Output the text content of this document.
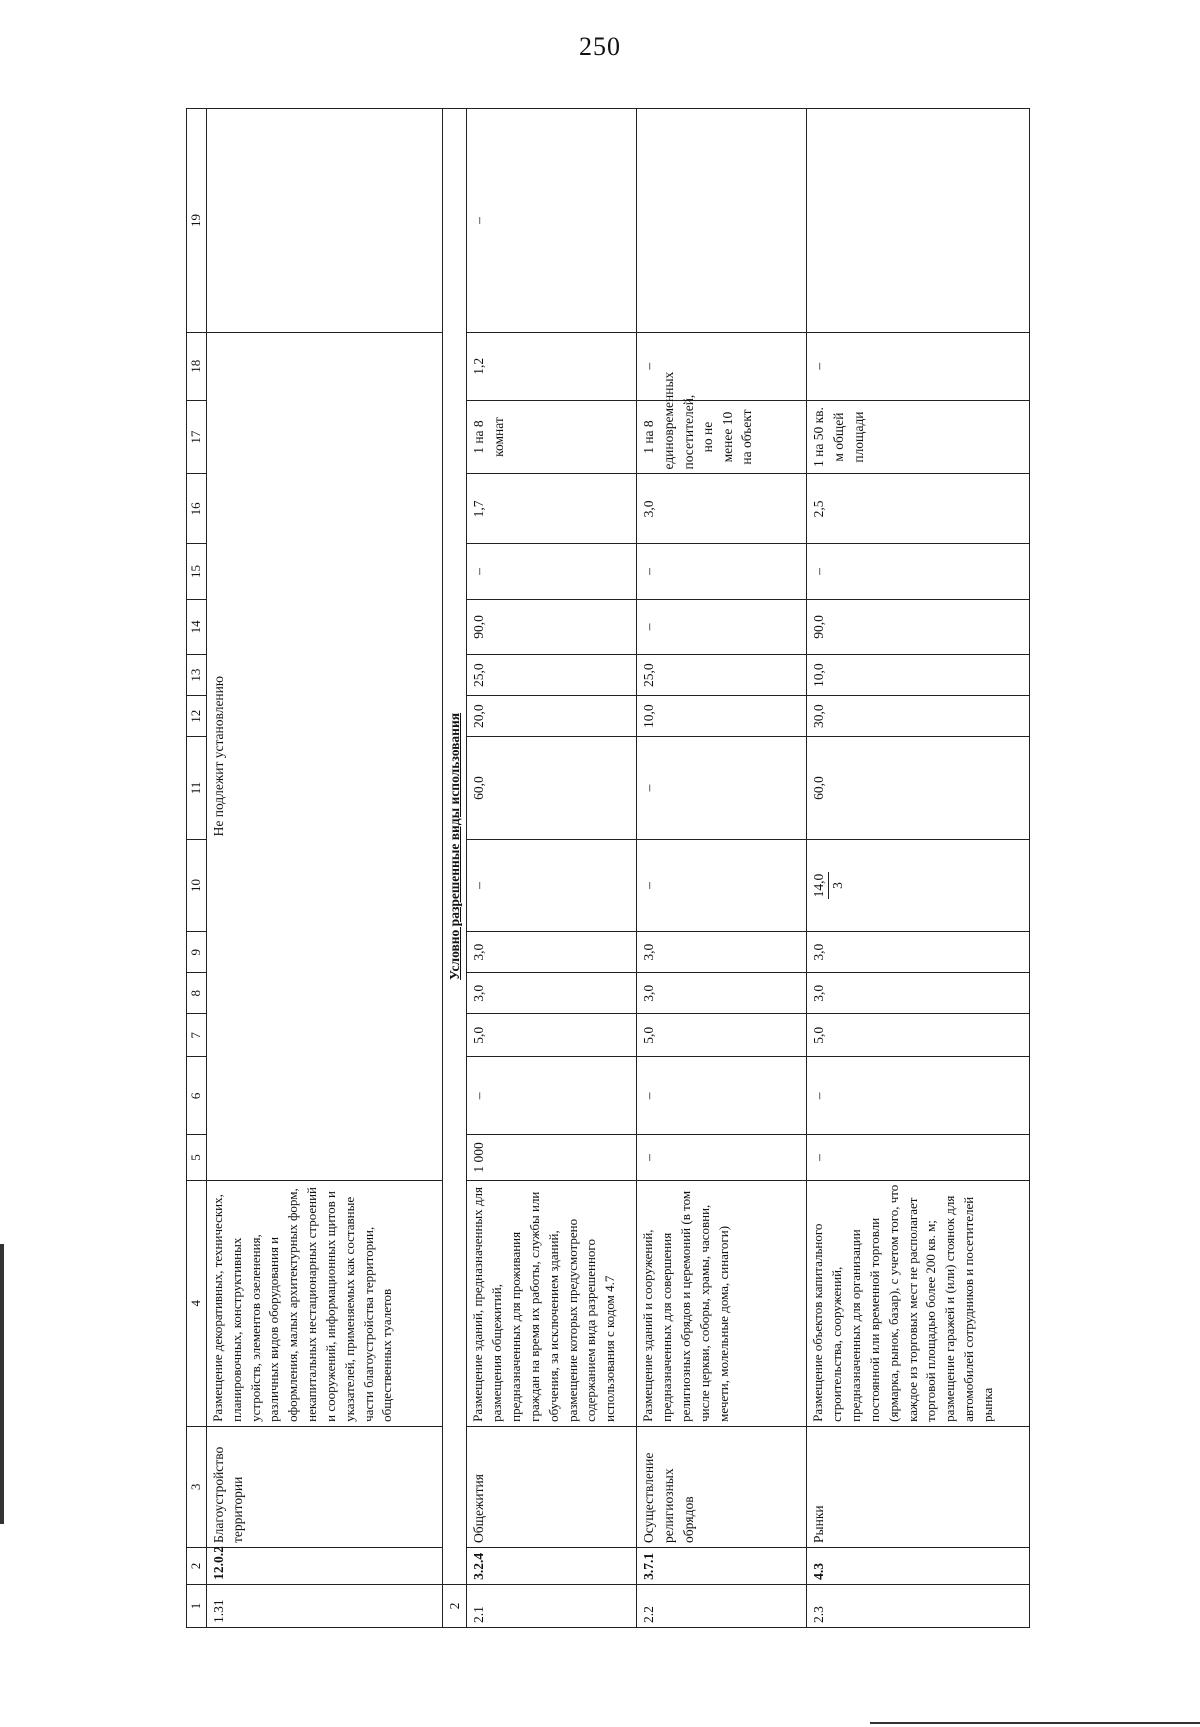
250
1	2	3	4	5	6	7	8	9	10	11	12	13	14	15	16	17	18	19
1.31	12.0.2	Благоустройство территории	Размещение декоративных, технических, планировочных, конструктивных устройств, элементов озеленения, различных видов оборудования и оформления, малых архитектурных форм, некапитальных нестационарных строений и сооружений, информационных щитов и указателей, применяемых как составные части благоустройства территории, общественных туалетов	Не подлежит установлению														
2	Условно разрешенные виды использования																	
2.1	3.2.4	Общежития	Размещение зданий, предназначенных для размещения общежитий, предназначенных для проживания граждан на время их работы, службы или обучения, за исключением зданий, размещение которых предусмотрено содержанием вида разрешенного использования с кодом 4.7	1 000	–	5,0	3,0	3,0	–	60,0	20,0	25,0	90,0	–	1,7	1 на 8 комнат	1,2	–
2.2	3.7.1	Осуществление религиозных обрядов	Размещение зданий и сооружений, предназначенных для совершения религиозных обрядов и церемоний (в том числе церкви, соборы, храмы, часовни, мечети, молельные дома, синагоги)	–	–	5,0	3,0	3,0	–	–	10,0	25,0	–	–	3,0	1 на 8 единовременных посетителей, но не менее 10 на объект	–	
2.3	4.3	Рынки	Размещение объектов капитального строительства, сооружений, предназначенных для организации постоянной или временной торговли (ярмарка, рынок, базар), с учетом того, что каждое из торговых мест не располагает торговой площадью более 200 кв. м; размещение гаражей и (или) стоянок для автомобилей сотрудников и посетителей рынка	–	–	5,0	3,0	3,0	14,0 3	60,0	30,0	10,0	90,0	–	2,5	1 на 50 кв. м общей площади	–	
